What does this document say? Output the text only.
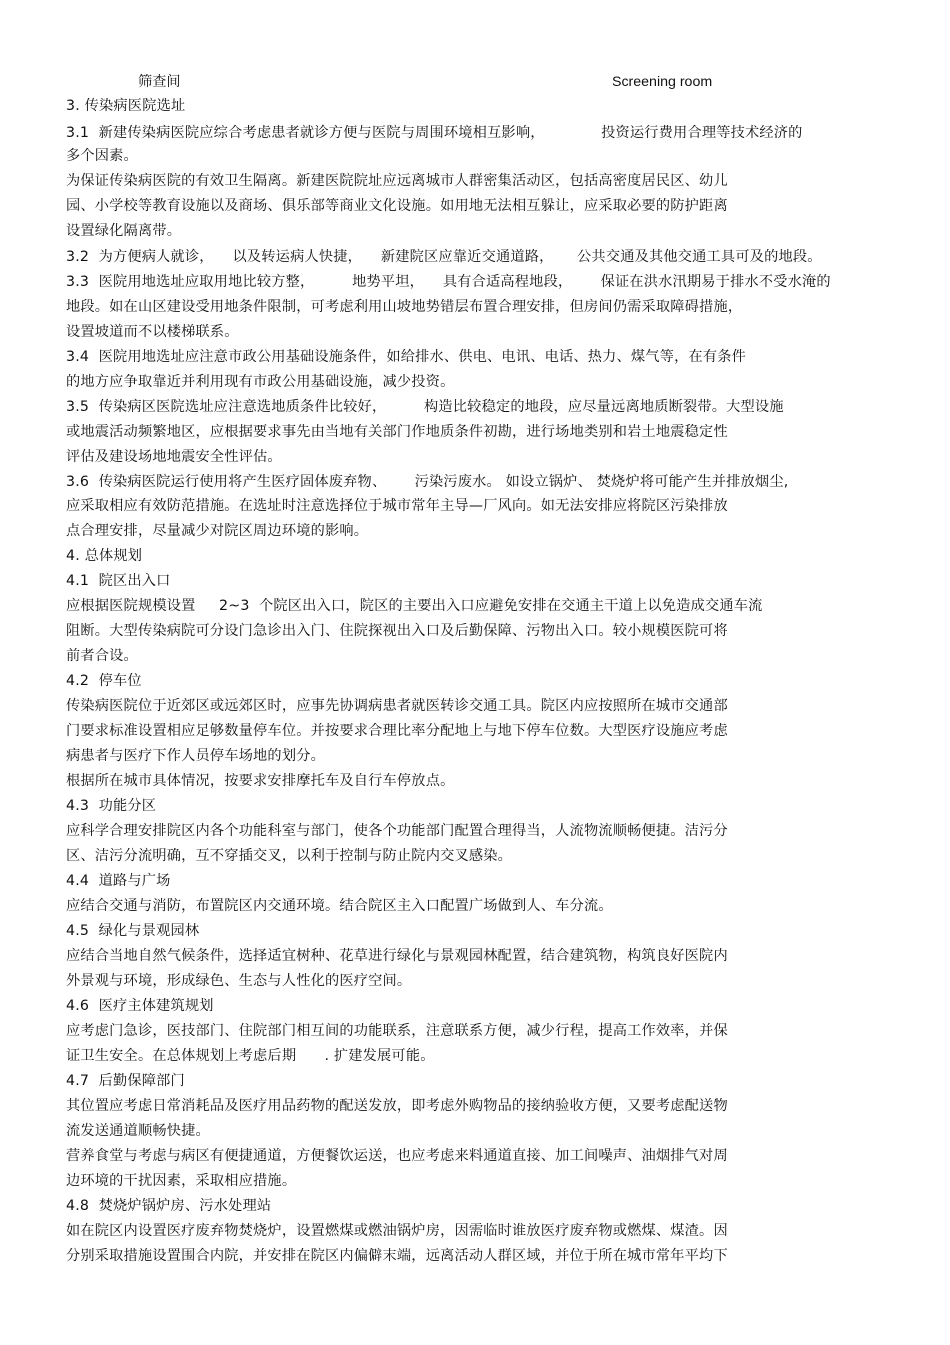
筛查间	Screening room
3. 传染病医院选址
3.1  新建传染病医院应综合考虑患者就诊方便与医院与周围环境相互影响，            投资运行费用合理等技术经济的
多个因素。
为保证传染病医院的有效卫生隔离。新建医院院址应远离城市人群密集活动区，包括高密度居民区、幼儿
园、小学校等教育设施以及商场、俱乐部等商业文化设施。如用地无法相互躲让，应采取必要的防护距离
设置绿化隔离带。
3.2  为方便病人就诊，    以及转运病人快捷，    新建院区应靠近交通道路，     公共交通及其他交通工具可及的地段。
3.3  医院用地选址应取用地比较方整，        地势平坦，    具有合适高程地段，      保证在洪水汛期易于排水不受水淹的
地段。如在山区建设受用地条件限制，可考虑利用山坡地势错层布置合理安排，但房间仍需采取障碍措施，
设置坡道而不以楼梯联系。
3.4  医院用地选址应注意市政公用基础设施条件，如给排水、供电、电讯、电话、热力、煤气等，在有条件
的地方应争取靠近并利用现有市政公用基础设施，减少投资。
3.5  传染病区医院选址应注意选地质条件比较好，        构造比较稳定的地段，应尽量远离地质断裂带。大型设施
或地震活动频繁地区，应根据要求事先由当地有关部门作地质条件初勘，进行场地类别和岩土地震稳定性
评估及建设场地地震安全性评估。
3.6  传染病医院运行使用将产生医疗固体废弃物、      污染污废水。 如设立锅炉、 焚烧炉将可能产生并排放烟尘,
应采取相应有效防范措施。在选址时注意选择位于城市常年主导—厂风向。如无法安排应将院区污染排放
点合理安排，尽量减少对院区周边环境的影响。
4. 总体规划
4.1  院区出入口
应根据医院规模设置     2~3  个院区出入口，院区的主要出入口应避免安排在交通主干道上以免造成交通车流
阻断。大型传染病院可分设门急诊出入门、住院探视出入口及后勤保障、污物出入口。较小规模医院可将
前者合设。
4.2  停车位
传染病医院位于近郊区或远郊区时，应事先协调病患者就医转诊交通工具。院区内应按照所在城市交通部
门要求标准设置相应足够数量停车位。并按要求合理比率分配地上与地下停车位数。大型医疗设施应考虑
病患者与医疗下作人员停车场地的划分。
根据所在城市具体情况，按要求安排摩托车及自行车停放点。
4.3  功能分区
应科学合理安排院区内各个功能科室与部门，使各个功能部门配置合理得当，人流物流顺畅便捷。洁污分
区、洁污分流明确，互不穿插交叉，以利于控制与防止院内交叉感染。
4.4  道路与广场
应结合交通与消防，布置院区内交通环境。结合院区主入口配置广场做到人、车分流。
4.5  绿化与景观园林
应结合当地自然气候条件，选择适宜树种、花草进行绿化与景观园林配置，结合建筑物，构筑良好医院内
外景观与环境，形成绿色、生态与人性化的医疗空间。
4.6  医疗主体建筑规划
应考虑门急诊，医技部门、住院部门相互间的功能联系，注意联系方便，减少行程，提高工作效率，并保
证卫生安全。在总体规划上考虑后期      . 扩建发展可能。
4.7  后勤保障部门
其位置应考虑日常消耗品及医疗用品药物的配送发放，即考虑外购物品的接纳验收方便，又要考虑配送物
流发送通道顺畅快捷。
营养食堂与考虑与病区有便捷通道，方便餐饮运送，也应考虑来料通道直接、加工间噪声、油烟排气对周
边环境的干扰因素，采取相应措施。
4.8  焚烧炉锅炉房、污水处理站
如在院区内设置医疗废弃物焚烧炉，设置燃煤或燃油锅炉房，因需临时谁放医疗废弃物或燃煤、煤渣。因
分别采取措施设置围合内院，并安排在院区内偏僻末端，远离活动人群区域，并位于所在城市常年平均下
